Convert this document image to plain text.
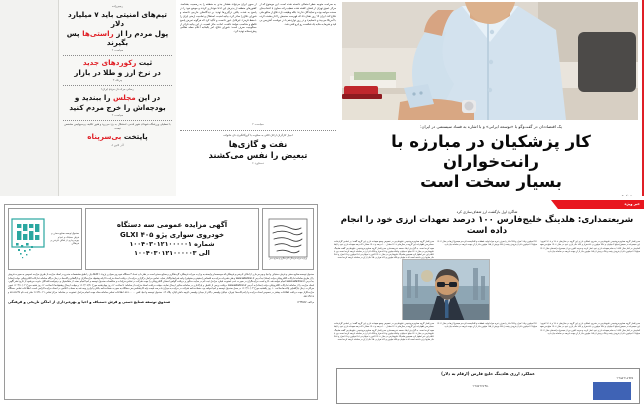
رجبی‌زاده
تیم‌های امنیتی باید ۷ میلیارد دلار
پول مردم را از راستی‌ها پس بگیرند
سیاست ۲
ثبت رکوردهای جدید
در نرخ ارز و طلا در بازار
چرتکه ۳
رسانی حرف دل مردم ایران!
در این مجلس را ببندید و
بودجه‌اش را خرج مردم کنید
سیاست ۲
با تعطیلی ورزشگاه شهدای شهر قدس، استقلال به یزد می‌رود و هنوز تکلیف پرسپولیس مشخص نیست
پایتخت بی‌سرپناه
آذر لاتین ۸
به صراحت متوجه خطر احتمالی دانسته شده است. این موضوع که از مرکز عمیق تهران از فضای کشته شده خطیب‌زاده معاون با انتخاب‌های سخت مواجه بوده و نمایندگان ندارند؛ بلکه وظیفه دارد دفاع از منافع ملی دفاع کند. ایران ۱۹ روز نشان داد که فهرست سنجش را اداره‌نشده کرده با آمریکا می‌بیند و «تسلیم» و در روز دوازدهم با در خواست آتش‌بس بی قید و شرط به مثابه یک شکست رو ابرو تلقی شد.
از سوی ایران می‌تواند هشدار جدی به منطقه را به رسمیت بشناسد. کشورهای منطقه از پذیرش این ادعا خودداری کردند و موضع خود را در پاسخ به شدت یافتن درگیری‌ها تهدید بر دیدگاه‌های خارجی دانسته و شورای دفاع را صادر کرد. بیانیه امنیت، استقلال و تمامیت ارضی ایران را «حفظ قرمز» غیرقابل عبور دانست و تأکید کرد که هرگونه تعرض پاسخ قاطع و متناسب خواهد داشت. امانت حائز اهمیت در این بیانیه فراتر از محکومیت صرف است: شورای دفاع، امر یکجانبه اعلام حمله نظامی پیش‌دستانه تهدید کرد.
سیاست ۲
اجبار کارگران ارکان ثالثی به سکوت با گروگانگیری نان خانواده
نفت و گازی‌ها
تبعیض را نفس می‌کشند
دستاورد ۶
یک اقتصاددان در گفت‌وگو با «توسعه ایرانی» و با اشاره به فساد سیستمی در ایران:
کار پزشکیان در مبارزه با رانت‌خواران
بسیار سخت است
وزارت میراث فرهنگی، گردشگری و صنایع دستی
آگهی مزایده عمومی سه دستگاه
خودروی سواری پژو ۴۰۵ GLXI
شماره ۱۰۰۴۰۳۰۱۲۱۰۰۰۰۰۱
الی ۱۰۰۴۰۳۰۱۲۱۰۰۰۰۰۳
صندوق توسعه صنایع دستی و فرش دستباف و احیا و بهره‌برداری از اماکن تاریخی و فرهنگی
صندوق توسعه صنایع دستی و فرش دستباف و احیا و بهره‌برداری از اماکن تاریخی و فرهنگی که موسسه‌ای وابسته به وزارت میراث فرهنگی، گردشگری و صنایع دستی است در نظر دارد تعداد ۳ دستگاه خودروی سواری پژو ۴۰۵ GLXI ذیل را طبق مشخصات مندرج در اسناد مزایده از طریق مزایده عمومی به صورت فروش را از طریق سامانه تدارکات الکترونیکی دولت (ستاد) به آدرس www.setadiran.ir و طی نشریات مزایده به اشخاص (حقیقی و حقوقی) واجد شرایط واگذار نماید. تمامی مراحل برگزاری مزایده از دریافت اسناد مزایده تا ارائه پیشنهاد مزایده‌گران و بازگشایی پاکت‌ها در زمان درگاه سامانه تدارکات الکترونیکی دولت (ستاد) به آدرس www.setadiran.ir انجام خواهد شد. لازم است مزایده‌گران در صورت عدم عضویت قبلی، مراحل ثبت نام در سایت مذکور و دریافت گواهی امضای الکترونیکی را جهت شرکت در تمامی مزایدات و مناقصات صندوق توسعه و احیا انجام دهند. از متقاضیان و درخواست‌کنندگان دعوت می‌شود از تاریخ نشر آگهی، اسناد مزایده را از سامانه تدارکات الکترونیکی دولت (ستاد) به آدرس www.setadiran.ir دریافت و پس از تکمیل و بارگذاری در سامانه مذکور ارسال نمایند. مهلت دریافت اسناد مزایده از سامانه: تا ساعت ۱۴ روز چهارشنبه مورخ ۱۴۰۳/۰۹/۲۱ و مهلت ارسال پیشنهادها تا ساعت ۱۴ روز شنبه مورخ ۱۴۰۳/۱۰/۰۲ تعیین می‌گردد. زمان بازگشایی پاکت‌ها ساعت ۱۰ روز یکشنبه مورخ ۱۴۰۳/۱۰/۰۳ در محل صندوق توسعه و احیا خواهد بود. ضمانت‌نامه شرکت در مزایده به میزان ۵ درصد قیمت پایه کارشناسی هر دستگاه به صورت ضمانت‌نامه بانکی یا واریز وجه نقد به حساب اعلامی در اسناد مزایده الزامی است. اطلاعات تماس دستگاه مزایده‌گزار جهت دریافت اطلاعات بیشتر در خصوص اسناد مزایده و ارائه پاکت‌ها: تهران، خیابان ولیعصر، بالاتر از میدان ولیعصر، کوچه دانش کیان، پلاک ۱۲، صندوق توسعه و احیا، تلفن ۸۸۹۰۰۰۰۰. اطلاعات تماس سامانه ستاد جهت انجام مراحل عضویت در سامانه: مرکز تماس ۰۲۱-۴۱۹۳۴ دفتر ثبت نام ۸۸۹۶۹۷۳۷ و ۸۵۱۹۳۷۶۸.
م الف ۱۲۳۴۵۶۷
صندوق توسعه صنایع دستی و فرش دستباف و احیا و بهره‌برداری از اماکن تاریخی و فرهنگی
خبر ویژه
شاگردِ اول بازگشت ارز شفاف‌سازی کرد
شریعتمداری: هلدینگ خلیج‌فارس ۱۰۰ درصد تعهدات ارزی خود را انجام داده است
مدیرعامل گروه صنایع پتروشیمی خلیج‌فارس در تشریح عملکرد ارزی این گروه در سال‌های ۱۴۰۲ و ۱۴۰۳ افزود: این مجموعه در مجموع مبلغ ۴ میلیارد و ۷۴۲ میلیون و ۲۵۰ هزار و ۲۹۹ دلار ارزی خود در سال ۱۴۰۳ مبلغ می‌تعهد کمابیش در کنار سال ۱۳۹۷ به تمام تعهدات ارزی خود عمل کرده و موجه اکنون نیز از مجموع درآمدهای سال ۱۴۰۴ مبلغ ۱۶۹ میلیون دلار از فروش رفته و بانک و بیش از ۱۳۵ میلیون دلار از آن جهت عرضه در سامانه نیاز دارد.
۴۴۱ میلیون و ۱۱۸ هزار و ۹۹۴ دلار را صرف خرید مواد اولیه، قطعات و کاتالیست کرده و مجموع آن‌ها در سال ۱۴۰۴ مبلغ ۱۶۹ میلیون دلار از فروش رفته را بانک وبیش از ۱۳۵ میلیون دلار از آن جهت عرضه در سامانه نیاز دارد.
مدیرعامل گروه صنایع پتروشیمی خلیج‌فارس در خصوص وضع تعهدات ارزی این گروه گفت: بر اساس گزارشات حسابرسی اظهارات این گروه در سال‌های ۱۴۰۳ معادل ۱۰۰ درصد و ۱۴۰۲ معادل ۹۹ درصد تعهدات ارزی خود را ایفا تعهد کرده است. به گزارش ایلنا، محمد شریعتمداری مدیرعامل گروه صنایع پتروشیمی خلیج‌فارس گفت هلدینگ خلیج‌فارس در سال ۱۴۰۳ مبلغ ۲ میلیارد و ۲۸۵ میلیون و ۲۱۸ هزار و ۹۴۵ دلار ارز در سامانه عرضه کرده است. وی با اعلام این خبر اظهار کرد همچنین هلدینگ خلیج‌فارس در سال ۱۴۰۲ اکنون ۲ میلیارد و ۴۲۱ میلیون و ۱۴۲ هزار و ۴۳۳ دلار منابع ارزی داشته است که ۲ میلیارد و ۲۷۵ میلیون و ۲۶۹ هزار و ۴۵۰ دلار از آن در سامانه عرضه کرده است.
مدیرعامل گروه صنایع پتروشیمی خلیج‌فارس در تشریح عملکرد ارزی این گروه در سال‌های ۱۴۰۲ و ۱۴۰۳ افزود: این مجموعه در مجموع مبلغ ۴ میلیارد و ۷۴۲ میلیون و ۲۵۰ هزار و ۲۹۹ دلار ارزی خود در سال ۱۴۰۳ مبلغ می‌تعهد کمابیش در کنار سال ۱۳۹۷ به تمام تعهدات ارزی خود عمل کرده و موجه اکنون نیز از مجموع درآمدهای سال ۱۴۰۴ مبلغ ۱۶۹ میلیون دلار از فروش رفته و بانک و بیش از ۱۳۵ میلیون دلار از آن جهت عرضه در سامانه نیاز دارد.
۴۴۱ میلیون و ۱۱۸ هزار و ۹۹۴ دلار را صرف خرید مواد اولیه، قطعات و کاتالیست کرده و مجموع آن‌ها در سال ۱۴۰۴ مبلغ ۱۶۹ میلیون دلار از فروش رفته را بانک وبیش از ۱۳۵ میلیون دلار از آن جهت عرضه در سامانه نیاز دارد.
مدیرعامل گروه صنایع پتروشیمی خلیج‌فارس در خصوص وضع تعهدات ارزی این گروه گفت: بر اساس گزارشات حسابرسی اظهارات این گروه در سال‌های ۱۴۰۳ معادل ۱۰۰ درصد و ۱۴۰۲ معادل ۹۹ درصد تعهدات ارزی خود را ایفا تعهد کرده است. به گزارش ایلنا، محمد شریعتمداری مدیرعامل گروه صنایع پتروشیمی خلیج‌فارس گفت هلدینگ خلیج‌فارس در سال ۱۴۰۳ مبلغ ۲ میلیارد و ۲۸۵ میلیون و ۲۱۸ هزار و ۹۴۵ دلار ارز در سامانه عرضه کرده است. وی با اعلام این خبر اظهار کرد همچنین هلدینگ خلیج‌فارس در سال ۱۴۰۲ اکنون ۲ میلیارد و ۴۲۱ میلیون و ۱۴۲ هزار و ۴۳۳ دلار منابع ارزی داشته است که ۲ میلیارد و ۲۷۵ میلیون و ۲۶۹ هزار و ۴۵۰ دلار از آن در سامانه عرضه کرده است.
عملکرد ارزی هلدینگ خلیج فارس (ارقام به دلار)
۲٬۲۸۵٬۲۱۸٬۹۴۵
۲٬۲۷۵٬۲۶۹٬۴۵۰
